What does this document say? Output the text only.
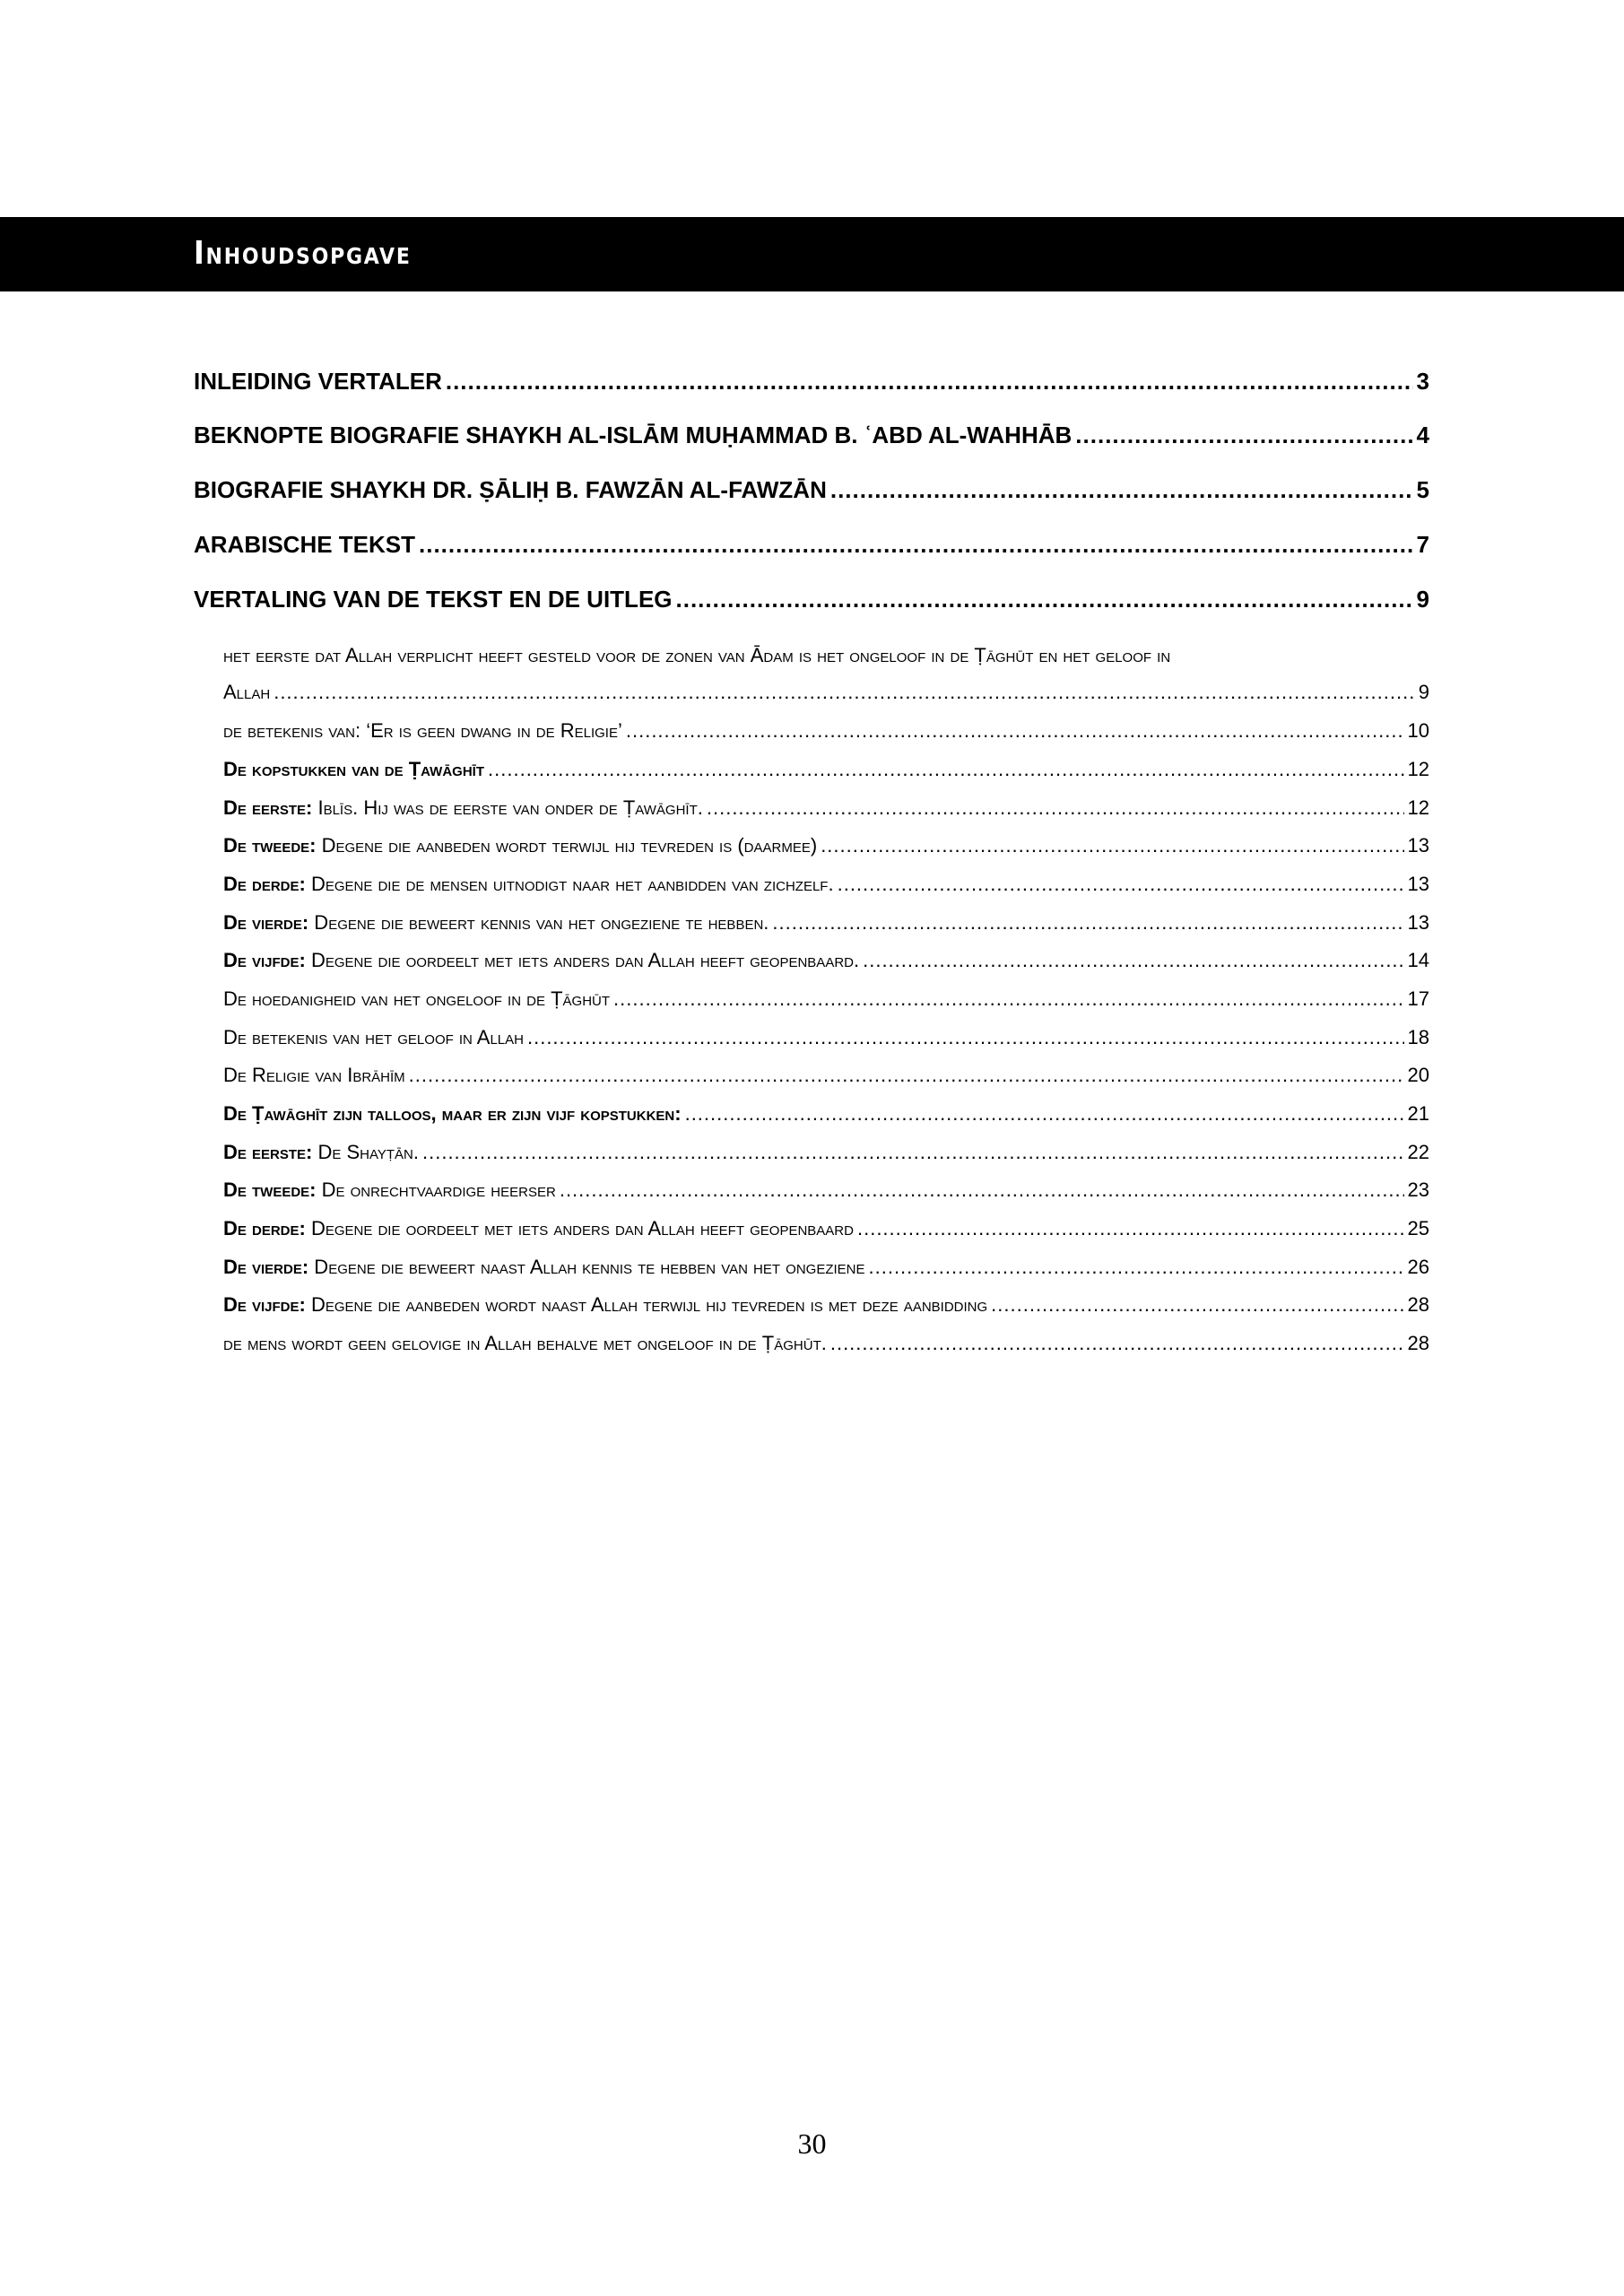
Inhoudsopgave
INLEIDING VERTALER .....	3
BEKNOPTE BIOGRAFIE SHAYKH AL-ISLĀM MUḤAMMAD B. ʿABD AL-WAHHĀB .....	4
BIOGRAFIE SHAYKH DR. ṢĀLIḤ B. FAWZĀN AL-FAWZĀN .....	5
ARABISCHE TEKST .....	7
VERTALING VAN DE TEKST EN DE UITLEG .....	9
het eerste dat Allah verplicht heeft gesteld voor de zonen van Ādam is het ongeloof in de Ṭāghūt en het geloof in
Allah .....	9
de betekenis van: ‘Er is geen dwang in de Religie’ .....	10
De kopstukken van de Ṭawāghīt .....	12
De eerste: Iblīs. Hij was de eerste van onder de Ṭawāghīt. .....	12
De tweede: Degene die aanbeden wordt terwijl hij tevreden is (daarmee) .....	13
De derde: Degene die de mensen uitnodigt naar het aanbidden van zichzelf. .....	13
De vierde: Degene die beweert kennis van het ongeziene te hebben. .....	13
De vijfde: Degene die oordeelt met iets anders dan Allah heeft geopenbaard. .....	14
De hoedanigheid van het ongeloof in de Ṭāghūt .....	17
De betekenis van het geloof in Allah .....	18
De Religie van Ibrāhīm .....	20
De Ṭawāghīt zijn talloos, maar er zijn vijf kopstukken: .....	21
De eerste: De Shayṭān. .....	22
De tweede: De onrechtvaardige heerser .....	23
De derde: Degene die oordeelt met iets anders dan Allah heeft geopenbaard .....	25
De vierde: Degene die beweert naast Allah kennis te hebben van het ongeziene .....	26
De vijfde: Degene die aanbeden wordt naast Allah terwijl hij tevreden is met deze aanbidding .....	28
de mens wordt geen gelovige in Allah behalve met ongeloof in de Ṭāghūt. .....	28
30
